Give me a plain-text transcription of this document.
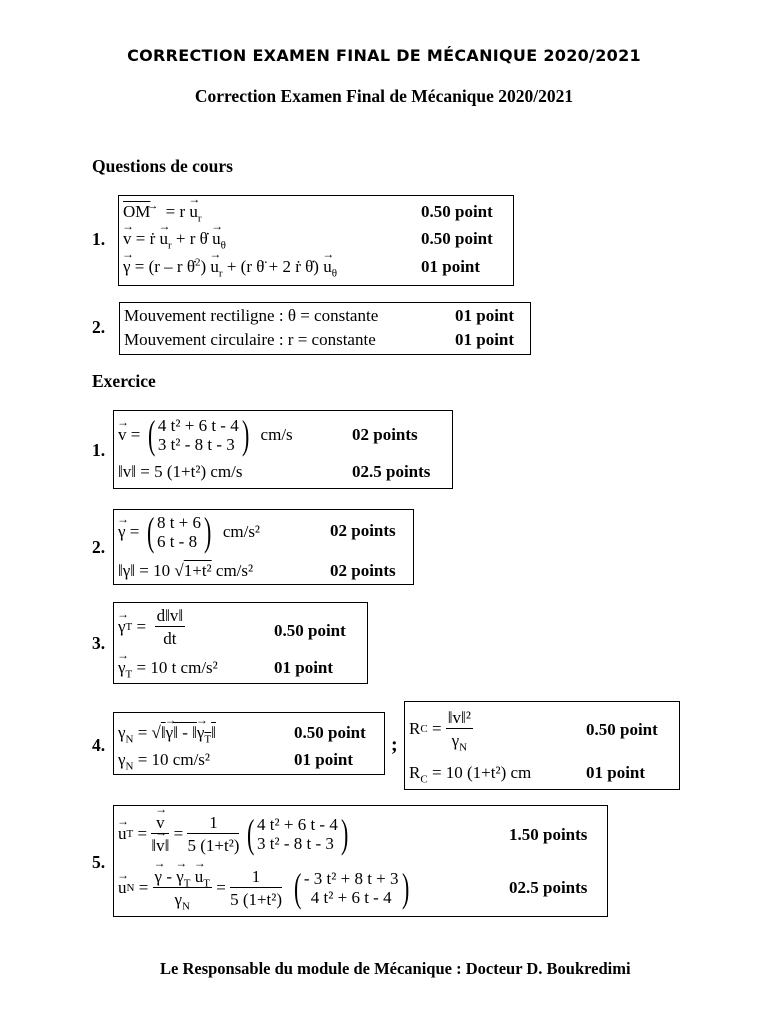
CORRECTION EXAMEN FINAL DE MÉCANIQUE 2020/2021
Correction Examen Final de Mécanique 2020/2021
Questions de cours
1.
$\overline{OM}^\to = r \to u_r$	0.50 point
→ v = ṙ → $u_r + r$ θ̇ → $u_\theta$	0.50 point
→ γ = (r – r θ̇$^2$) → $u_r + (r$ θ̈ + 2 ṙ θ̇) → $u_\theta$	01 point
2.
Mouvement rectiligne : θ = constante	01 point
Mouvement circulaire : r = constante	01 point
Exercice
1.
→ v = ( 4 t² + 6 t - 4
3 t² - 8 t - 3 )
cm/s	02 points
‖v‖ = 5 (1+t²) cm/s	02.5 points
2.
→ γ = ( 8 t + 6
6 t - 8 )
cm/s²	02 points
‖γ‖ = 10 √1+t² cm/s²	02 points
3.
→ γ $T = \frac{d‖v‖}{dt}$	0.50 point
→ $\gamma_T = 10$ t cm/s²	01 point
4.
$\gamma_N$ = √‖→ γ‖ - ‖→ $\gamma_T‖$	0.50 point
$\gamma_N = 10$ cm/s²	01 point
;
R $C = \frac{\text{‖v‖²}}{\gamma_N}$	0.50 point
$R_C = 10$ (1+t²) cm	01 point
5.
→ u T = → $\frac{v}{‖\to v‖} = \frac{1}{\text{5 (1+t²)}}$
( 4 t² + 6 t - 4
3 t² - 8 t - 3 )	1.50 points
→ u N = → $\frac{\gamma - \to \gamma_T \to u_T}{\gamma_N} = \frac{1}{\text{5 (1+t²)}}$
( - 3 t² + 8 t + 3
4 t² + 6 t - 4 )	02.5 points
Le Responsable du module de Mécanique : Docteur D. Boukredimi
